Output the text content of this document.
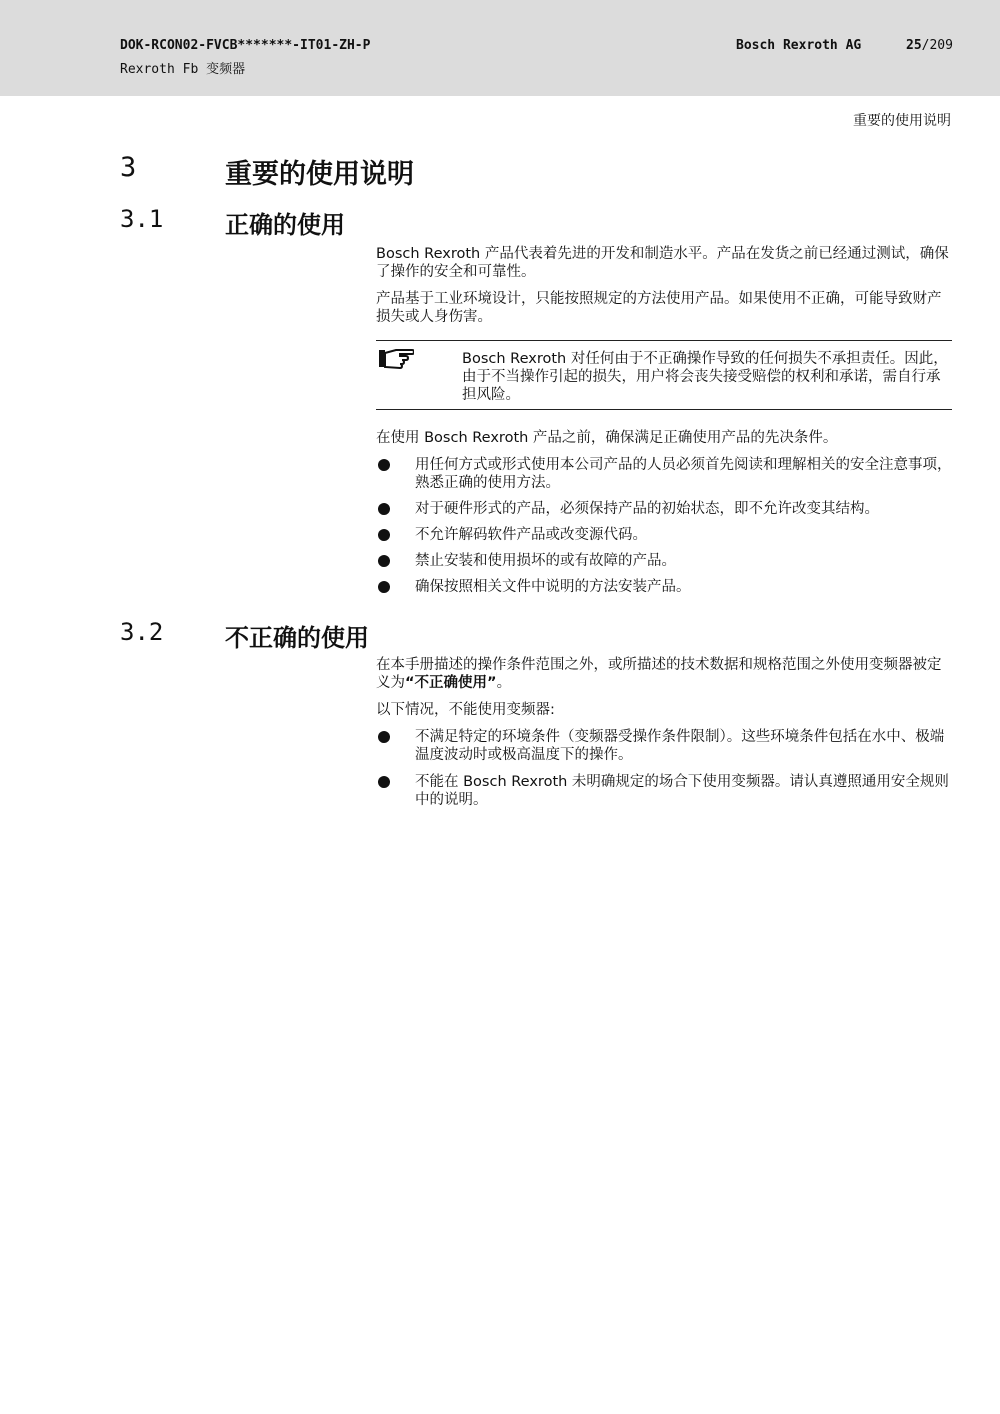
DOK-RCON02-FVCB*******-IT01-ZH-P
Rexroth Fb 变频器
Bosch Rexroth AG	25/209
重要的使用说明
3	重要的使用说明
3.1	正确的使用
Bosch Rexroth 产品代表着先进的开发和制造水平。产品在发货之前已经通过测试，确保了操作的安全和可靠性。
产品基于工业环境设计，只能按照规定的方法使用产品。如果使用不正确，可能导致财产损失或人身伤害。
Bosch Rexroth 对任何由于不正确操作导致的任何损失不承担责任。因此，由于不当操作引起的损失，用户将会丧失接受赔偿的权利和承诺，需自行承担风险。
在使用 Bosch Rexroth 产品之前，确保满足正确使用产品的先决条件。
用任何方式或形式使用本公司产品的人员必须首先阅读和理解相关的安全注意事项，熟悉正确的使用方法。
对于硬件形式的产品，必须保持产品的初始状态，即不允许改变其结构。
不允许解码软件产品或改变源代码。
禁止安装和使用损坏的或有故障的产品。
确保按照相关文件中说明的方法安装产品。
3.2	不正确的使用
在本手册描述的操作条件范围之外，或所描述的技术数据和规格范围之外使用变频器被定义为“不正确使用”。
以下情况，不能使用变频器:
不满足特定的环境条件（变频器受操作条件限制）。这些环境条件包括在水中、极端温度波动时或极高温度下的操作。
不能在 Bosch Rexroth 未明确规定的场合下使用变频器。请认真遵照通用安全规则中的说明。
